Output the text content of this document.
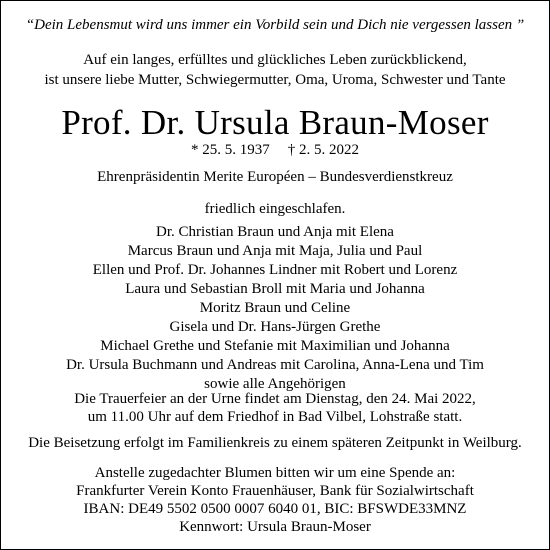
“Dein Lebensmut wird uns immer ein Vorbild sein und Dich nie vergessen lassen ”
Auf ein langes, erfülltes und glückliches Leben zurückblickend,
ist unsere liebe Mutter, Schwiegermutter, Oma, Uroma, Schwester und Tante
Prof. Dr. Ursula Braun-Moser
* 25. 5. 1937 † 2. 5. 2022
Ehrenpräsidentin Merite Européen – Bundesverdienstkreuz
friedlich eingeschlafen.
Dr. Christian Braun und Anja mit Elena
Marcus Braun und Anja mit Maja, Julia und Paul
Ellen und Prof. Dr. Johannes Lindner mit Robert und Lorenz
Laura und Sebastian Broll mit Maria und Johanna
Moritz Braun und Celine
Gisela und Dr. Hans-Jürgen Grethe
Michael Grethe und Stefanie mit Maximilian und Johanna
Dr. Ursula Buchmann und Andreas mit Carolina, Anna-Lena und Tim
sowie alle Angehörigen
Die Trauerfeier an der Urne findet am Dienstag, den 24. Mai 2022,
um 11.00 Uhr auf dem Friedhof in Bad Vilbel, Lohstraße statt.
Die Beisetzung erfolgt im Familienkreis zu einem späteren Zeitpunkt in Weilburg.
Anstelle zugedachter Blumen bitten wir um eine Spende an:
Frankfurter Verein Konto Frauenhäuser, Bank für Sozialwirtschaft
IBAN: DE49 5502 0500 0007 6040 01, BIC: BFSWDE33MNZ
Kennwort: Ursula Braun-Moser
